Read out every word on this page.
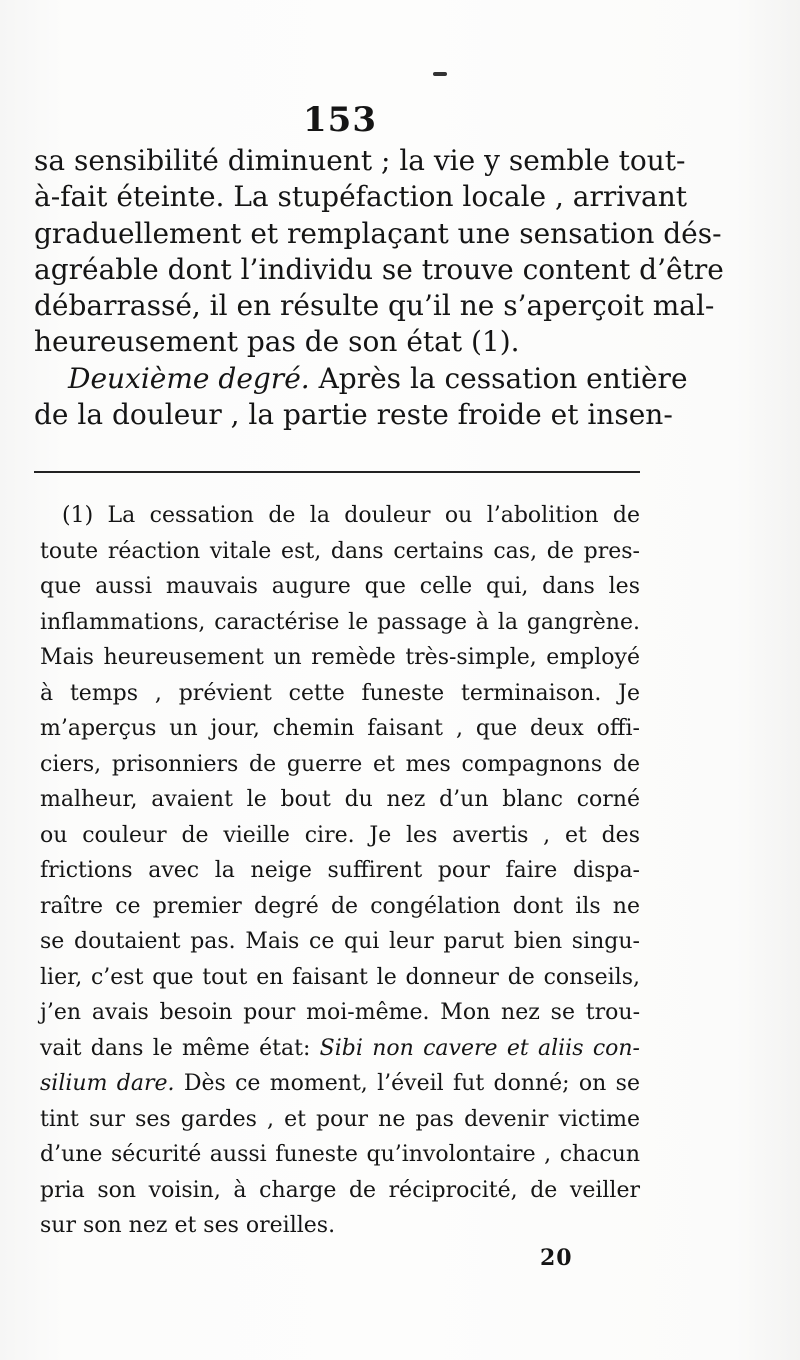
153
sa sensibilité diminuent ; la vie y semble tout-
à-fait éteinte. La stupéfaction locale , arrivant
graduellement et remplaçant une sensation dés-
agréable dont l’individu se trouve content d’être
débarrassé, il en résulte qu’il ne s’aperçoit mal-
heureusement pas de son état (1).
Deuxième degré. Après la cessation entière
de la douleur , la partie reste froide et insen-
(1) La cessation de la douleur ou l’abolition de
toute réaction vitale est, dans certains cas, de pres-
que aussi mauvais augure que celle qui, dans les
inflammations, caractérise le passage à la gangrène.
Mais heureusement un remède très-simple, employé
à temps , prévient cette funeste terminaison. Je
m’aperçus un jour, chemin faisant , que deux offi-
ciers, prisonniers de guerre et mes compagnons de
malheur, avaient le bout du nez d’un blanc corné
ou couleur de vieille cire. Je les avertis , et des
frictions avec la neige suffirent pour faire dispa-
raître ce premier degré de congélation dont ils ne
se doutaient pas. Mais ce qui leur parut bien singu-
lier, c’est que tout en faisant le donneur de conseils,
j’en avais besoin pour moi-même. Mon nez se trou-
vait dans le même état: Sibi non cavere et aliis con-
silium dare. Dès ce moment, l’éveil fut donné; on se
tint sur ses gardes , et pour ne pas devenir victime
d’une sécurité aussi funeste qu’involontaire , chacun
pria son voisin, à charge de réciprocité, de veiller
sur son nez et ses oreilles.
20
